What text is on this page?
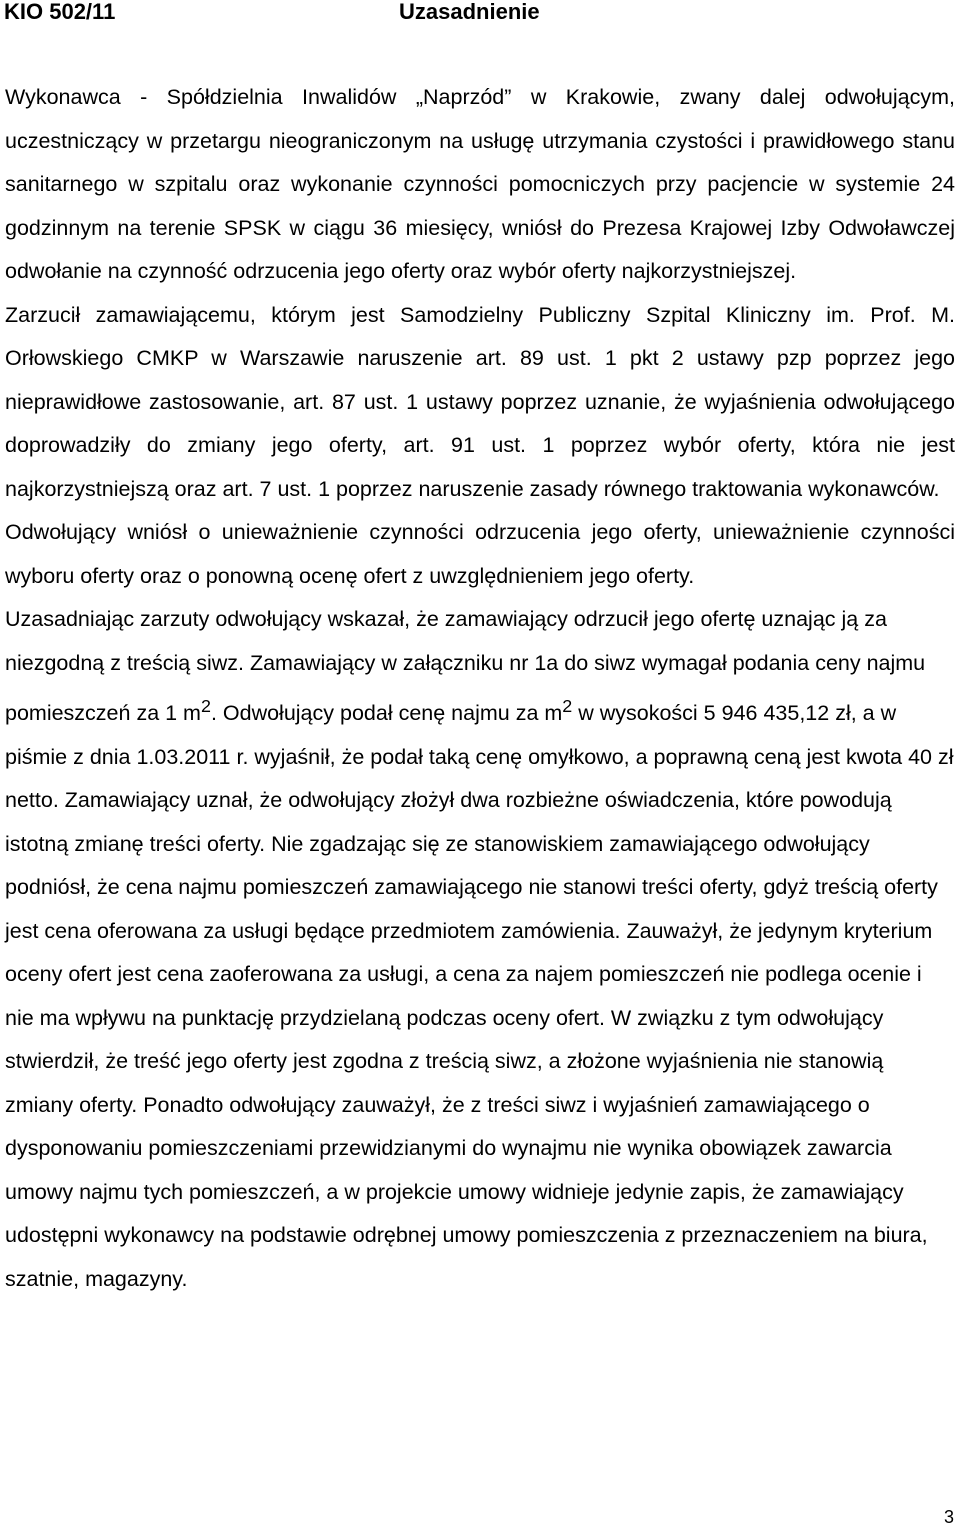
KIO 502/11	Uzasadnienie

Wykonawca - Spółdzielnia Inwalidów „Naprzód” w Krakowie, zwany dalej odwołującym, uczestniczący w przetargu nieograniczonym na usługę utrzymania czystości i prawidłowego stanu sanitarnego w szpitalu oraz wykonanie czynności pomocniczych przy pacjencie w systemie 24 godzinnym na terenie SPSK w ciągu 36 miesięcy, wniósł do Prezesa Krajowej Izby Odwoławczej odwołanie na czynność odrzucenia jego oferty oraz wybór oferty najkorzystniejszej.

Zarzucił zamawiającemu, którym jest Samodzielny Publiczny Szpital Kliniczny im. Prof. M. Orłowskiego CMKP w Warszawie naruszenie art. 89 ust. 1 pkt 2 ustawy pzp poprzez jego nieprawidłowe zastosowanie, art. 87 ust. 1 ustawy poprzez uznanie, że wyjaśnienia odwołującego doprowadziły do zmiany jego oferty, art. 91 ust. 1 poprzez wybór oferty, która nie jest najkorzystniejszą oraz art. 7 ust. 1 poprzez naruszenie zasady równego traktowania wykonawców.

Odwołujący wniósł o unieważnienie czynności odrzucenia jego oferty, unieważnienie czynności wyboru oferty oraz o ponowną ocenę ofert z uwzględnieniem jego oferty.

Uzasadniając zarzuty odwołujący wskazał, że zamawiający odrzucił jego ofertę uznając ją za niezgodną z treścią siwz. Zamawiający w załączniku nr 1a do siwz wymagał podania ceny najmu pomieszczeń za 1 $m^2$. Odwołujący podał cenę najmu za $m^2$ w wysokości 5 946 435,12 zł, a w piśmie z dnia 1.03.2011 r. wyjaśnił, że podał taką cenę omyłkowo, a poprawną ceną jest kwota 40 zł netto. Zamawiający uznał, że odwołujący złożył dwa rozbieżne oświadczenia, które powodują istotną zmianę treści oferty. Nie zgadzając się ze stanowiskiem zamawiającego odwołujący podniósł, że cena najmu pomieszczeń zamawiającego nie stanowi treści oferty, gdyż treścią oferty jest cena oferowana za usługi będące przedmiotem zamówienia. Zauważył, że jedynym kryterium oceny ofert jest cena zaoferowana za usługi, a cena za najem pomieszczeń nie podlega ocenie i nie ma wpływu na punktację przydzielaną podczas oceny ofert. W związku z tym odwołujący stwierdził, że treść jego oferty jest zgodna z treścią siwz, a złożone wyjaśnienia nie stanowią zmiany oferty. Ponadto odwołujący zauważył, że z treści siwz i wyjaśnień zamawiającego o dysponowaniu pomieszczeniami przewidzianymi do wynajmu nie wynika obowiązek zawarcia umowy najmu tych pomieszczeń, a w projekcie umowy widnieje jedynie zapis, że zamawiający udostępni wykonawcy na podstawie odrębnej umowy pomieszczenia z przeznaczeniem na biura, szatnie, magazyny.

3
